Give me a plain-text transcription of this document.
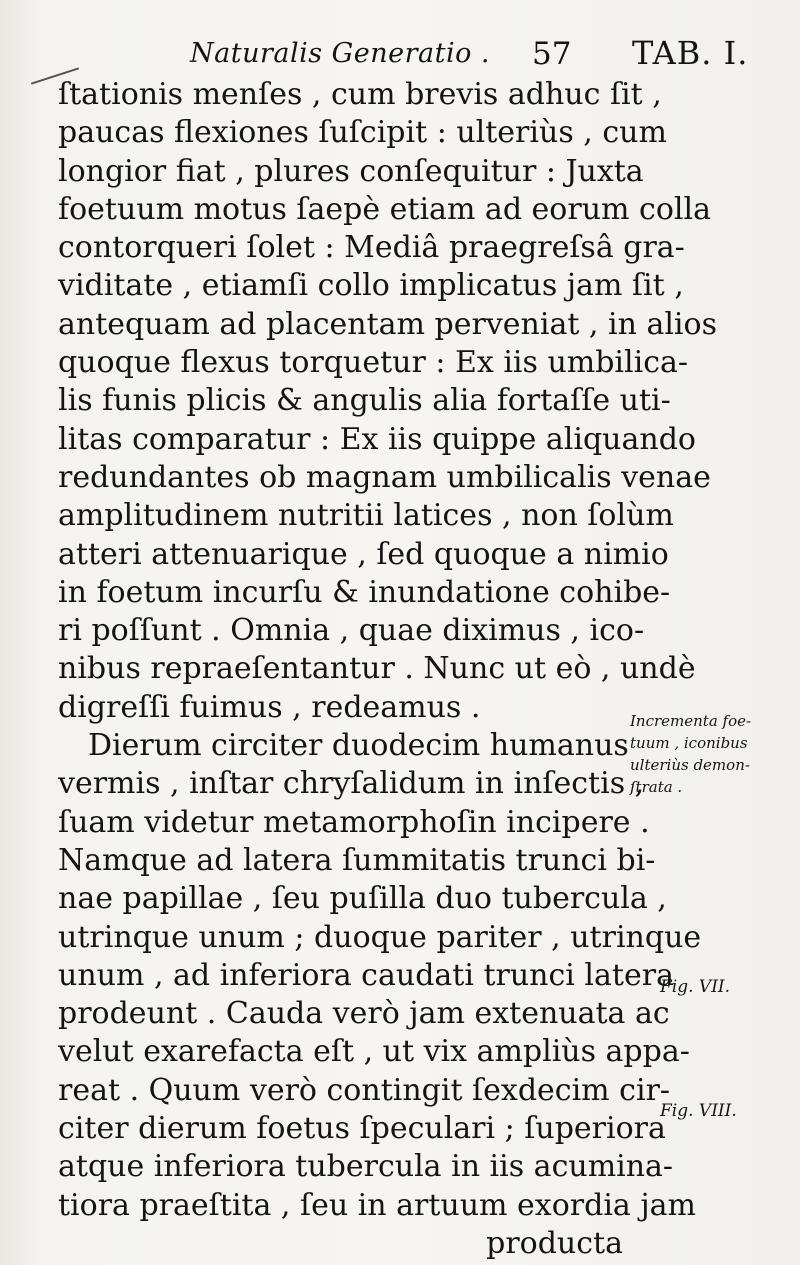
Naturalis Generatio . 57 TAB. I.
ſtationis menſes , cum brevis adhuc ſit ,
paucas flexiones ſuſcipit : ulteriùs , cum
longior fiat , plures conſequitur : Juxta
foetuum motus ſaepè etiam ad eorum colla
contorqueri ſolet : Mediâ praegreſsâ gra-
viditate , etiamſi collo implicatus jam ſit ,
antequam ad placentam perveniat , in alios
quoque flexus torquetur : Ex iis umbilica-
lis funis plicis & angulis alia fortaſſe uti-
litas comparatur : Ex iis quippe aliquando
redundantes ob magnam umbilicalis venae
amplitudinem nutritii latices , non ſolùm
atteri attenuarique , ſed quoque a nimio
in foetum incurſu & inundatione cohibe-
ri poſſunt . Omnia , quae diximus , ico-
nibus repraeſentantur . Nunc ut eò , undè
digreſſi fuimus , redeamus .
Dierum circiter duodecim humanus
vermis , inſtar chryſalidum in inſectis ,
ſuam videtur metamorphoſin incipere .
Namque ad latera ſummitatis trunci bi-
nae papillae , ſeu puſilla duo tubercula ,
utrinque unum ; duoque pariter , utrinque
unum , ad inferiora caudati trunci latera
prodeunt . Cauda verò jam extenuata ac
velut exarefacta eſt , ut vix ampliùs appa-
reat . Quum verò contingit ſexdecim cir-
citer dierum foetus ſpeculari ; ſuperiora
atque inferiora tubercula in iis acumina-
tiora praeſtita , ſeu in artuum exordia jam
producta
Incrementa foe-
tuum , iconibus
ulteriùs demon-
ſtrata .
Fig. VII.
Fig. VIII.
